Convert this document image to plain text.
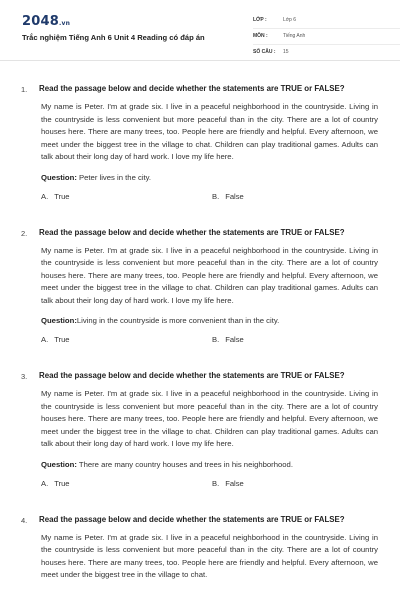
2048.vn
Trắc nghiệm Tiếng Anh 6 Unit 4 Reading có đáp án
LỚP :	Lớp 6
MÔN :	Tiếng Anh
SỐ CÂU : 15
1. Read the passage below and decide whether the statements are TRUE or FALSE?
My name is Peter. I'm at grade six. I live in a peaceful neighborhood in the countryside. Living in the countryside is less convenient but more peaceful than in the city. There are a lot of country houses here. There are many trees, too. People here are friendly and helpful. Every afternoon, we meet under the biggest tree in the village to chat. Children can play traditional games. Adults can talk about their long day of hard work. I love my life here.
Question: Peter lives in the city.
A. True	B. False
2. Read the passage below and decide whether the statements are TRUE or FALSE?
My name is Peter. I'm at grade six. I live in a peaceful neighborhood in the countryside. Living in the countryside is less convenient but more peaceful than in the city. There are a lot of country houses here. There are many trees, too. People here are friendly and helpful. Every afternoon, we meet under the biggest tree in the village to chat. Children can play traditional games. Adults can talk about their long day of hard work. I love my life here.
Question:Living in the countryside is more convenient than in the city.
A. True	B. False
3. Read the passage below and decide whether the statements are TRUE or FALSE?
My name is Peter. I'm at grade six. I live in a peaceful neighborhood in the countryside. Living in the countryside is less convenient but more peaceful than in the city. There are a lot of country houses here. There are many trees, too. People here are friendly and helpful. Every afternoon, we meet under the biggest tree in the village to chat. Children can play traditional games. Adults can talk about their long day of hard work. I love my life here.
Question: There are many country houses and trees in his neighborhood.
A. True	B. False
4. Read the passage below and decide whether the statements are TRUE or FALSE?
My name is Peter. I'm at grade six. I live in a peaceful neighborhood in the countryside. Living in the countryside is less convenient but more peaceful than in the city. There are a lot of country houses here. There are many trees, too. People here are friendly and helpful. Every afternoon, we meet under the biggest tree in the village to chat.
